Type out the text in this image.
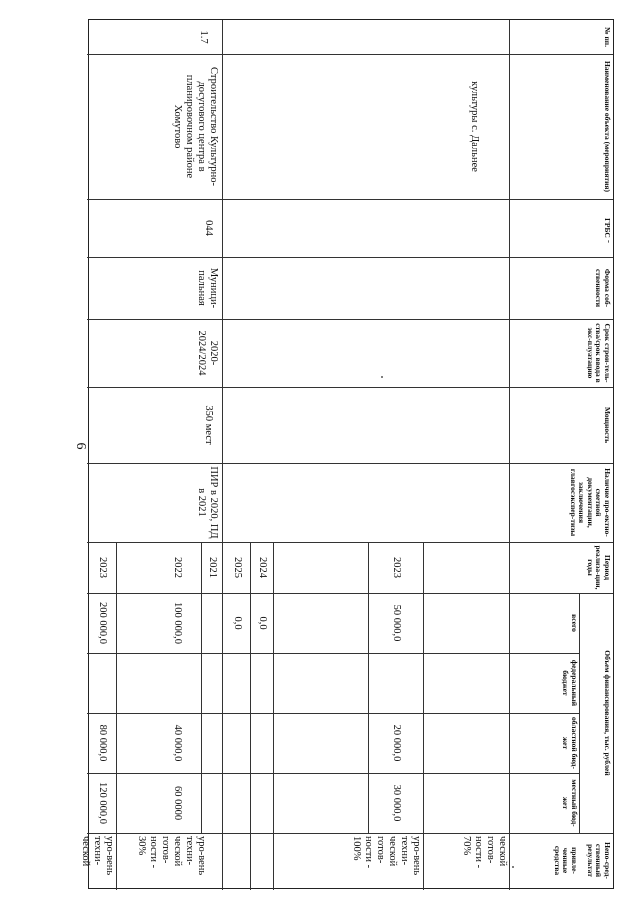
6
№ пп.
Наименование объекта (мероприятия)
ГРБС
Форма соб-ственности
Срок строи-тель-ства/срок ввода в экс-плуатацию
Мощность
Наличие про-ектно-сметной документации, заключения главгосэкспер-тизы
Период реализа-ции, годы
Объем финансирования, тыс. рублей
всего
федеральный бюджет
областной бюд-жет
местный бюд-жет
привле-ченные средства	Непо-сред-ственный результат
культуры с. Дальнее
ческой готов-ности - 70%
2023
50 000,0
20 000,0
30 000,0
уро-вень техни-ческой готов-ности - 100%
2024
0,0
2025
0,0
1.7
Строительство Культурно-досугового центра в планировочном районе Хомутово
044
Муници-пальная
2020-2024/2024
350 мест
ПИР в 2020, ПД в 2021
2021
2022
100 000,0
40 000,0
60 0000
уро-вень техни-ческой готов-ности - 30%
2023
200 000,0
80 000,0
120 000,0
уро-вень техни-ческой
